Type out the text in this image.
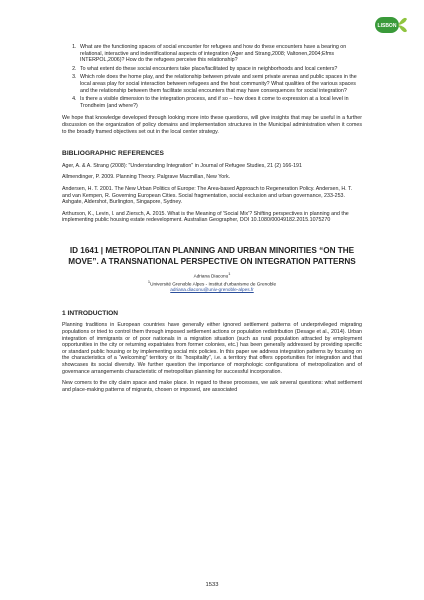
LISBON
1. What are the functioning spaces of social encounter for refugees and how do these encounters have a bearing on relational, interactive and indentificational aspects of integration (Ager and Strang,2008; Valtonen,2004;Efms INTERPOL,2006)? How do the refugees perceive this relationship?
2. To what extent do these social encounters take place/facilitated by space in neighborhoods and local centers?
3. Which role does the home play, and the relationship between private and semi private arenas and public spaces in the local areas play for social interaction between refugees and the host community? What qualities of the various spaces and the relationship between them facilitate social encounters that may have consequences for social integration?
4. Is there a visible dimension to the integration process, and if so – how does it come to expression at a local level in Trondheim (and where?)

We hope that knowledge developed through looking more into these questions, will give insights that may be useful in a further discussion on the organization of policy domains and implementation structures in the Municipal administration when it comes to the broadly framed objectives set out in the local center strategy.

BIBLIOGRAPHIC REFERENCES

Ager, A. & A. Strang (2008): "Understanding Integration" in Journal of Refugee Studies, 21 (2) 166-191

Allmendinger, P. 2009. Planning Theory. Palgrave Macmillan, New York.

Andersen, H. T. 2001. The New Urban Politics of Europe: The Area-based Approach to Regeneration Policy. Andersen, H. T. and van Kempen, R. Governing European Cities. Social fragmentation, social exclusion and urban governance, 233-253. Ashgate, Aldershot, Burlington, Singapore, Sydney.

Arthurson, K., Levin, I. and Ziersch, A. 2015. What is the Meaning of 'Social Mix'? Shifting perspectives in planning and the implementing public housing estate redevelopment. Australian Geographer, DOI 10.1080/00049182.2015.1075270

ID 1641 | METROPOLITAN PLANNING AND URBAN MINORITIES “ON THE MOVE”. A TRANSNATIONAL PERSPECTIVE ON INTEGRATION PATTERNS
Adriana Diaconu$^1$
$^1$Université Grenoble Alpes - Institut d'urbanisme de Grenoble
adriana.diaconu@univ-grenoble-alpes.fr
1 INTRODUCTION

Planning traditions in European countries have generally either ignored settlement patterns of underprivileged migrating populations or tried to control them through imposed settlement actions or population redistribution (Desage et al., 2014). Urban integration of immigrants or of poor nationals in a migration situation (such as rural population attracted by employment opportunities in the city or returning expatriates from former colonies, etc.) has been generally addressed by providing specific or standard public housing or by implementing social mix policies. In this paper we address integration patterns by focusing on the characteristics of a “welcoming” territory or its “hospitality”, i.e. a territory that offers opportunities for integration and that showcases its social diversity. We further question the importance of morphologic configurations of metropolization and of governance arrangements characteristic of metropolitan planning for successful incorporation.

New comers to the city claim space and make place. In regard to these processes, we ask several questions: what settlement and place-making patterns of migrants, chosen or imposed, are associated

1533
